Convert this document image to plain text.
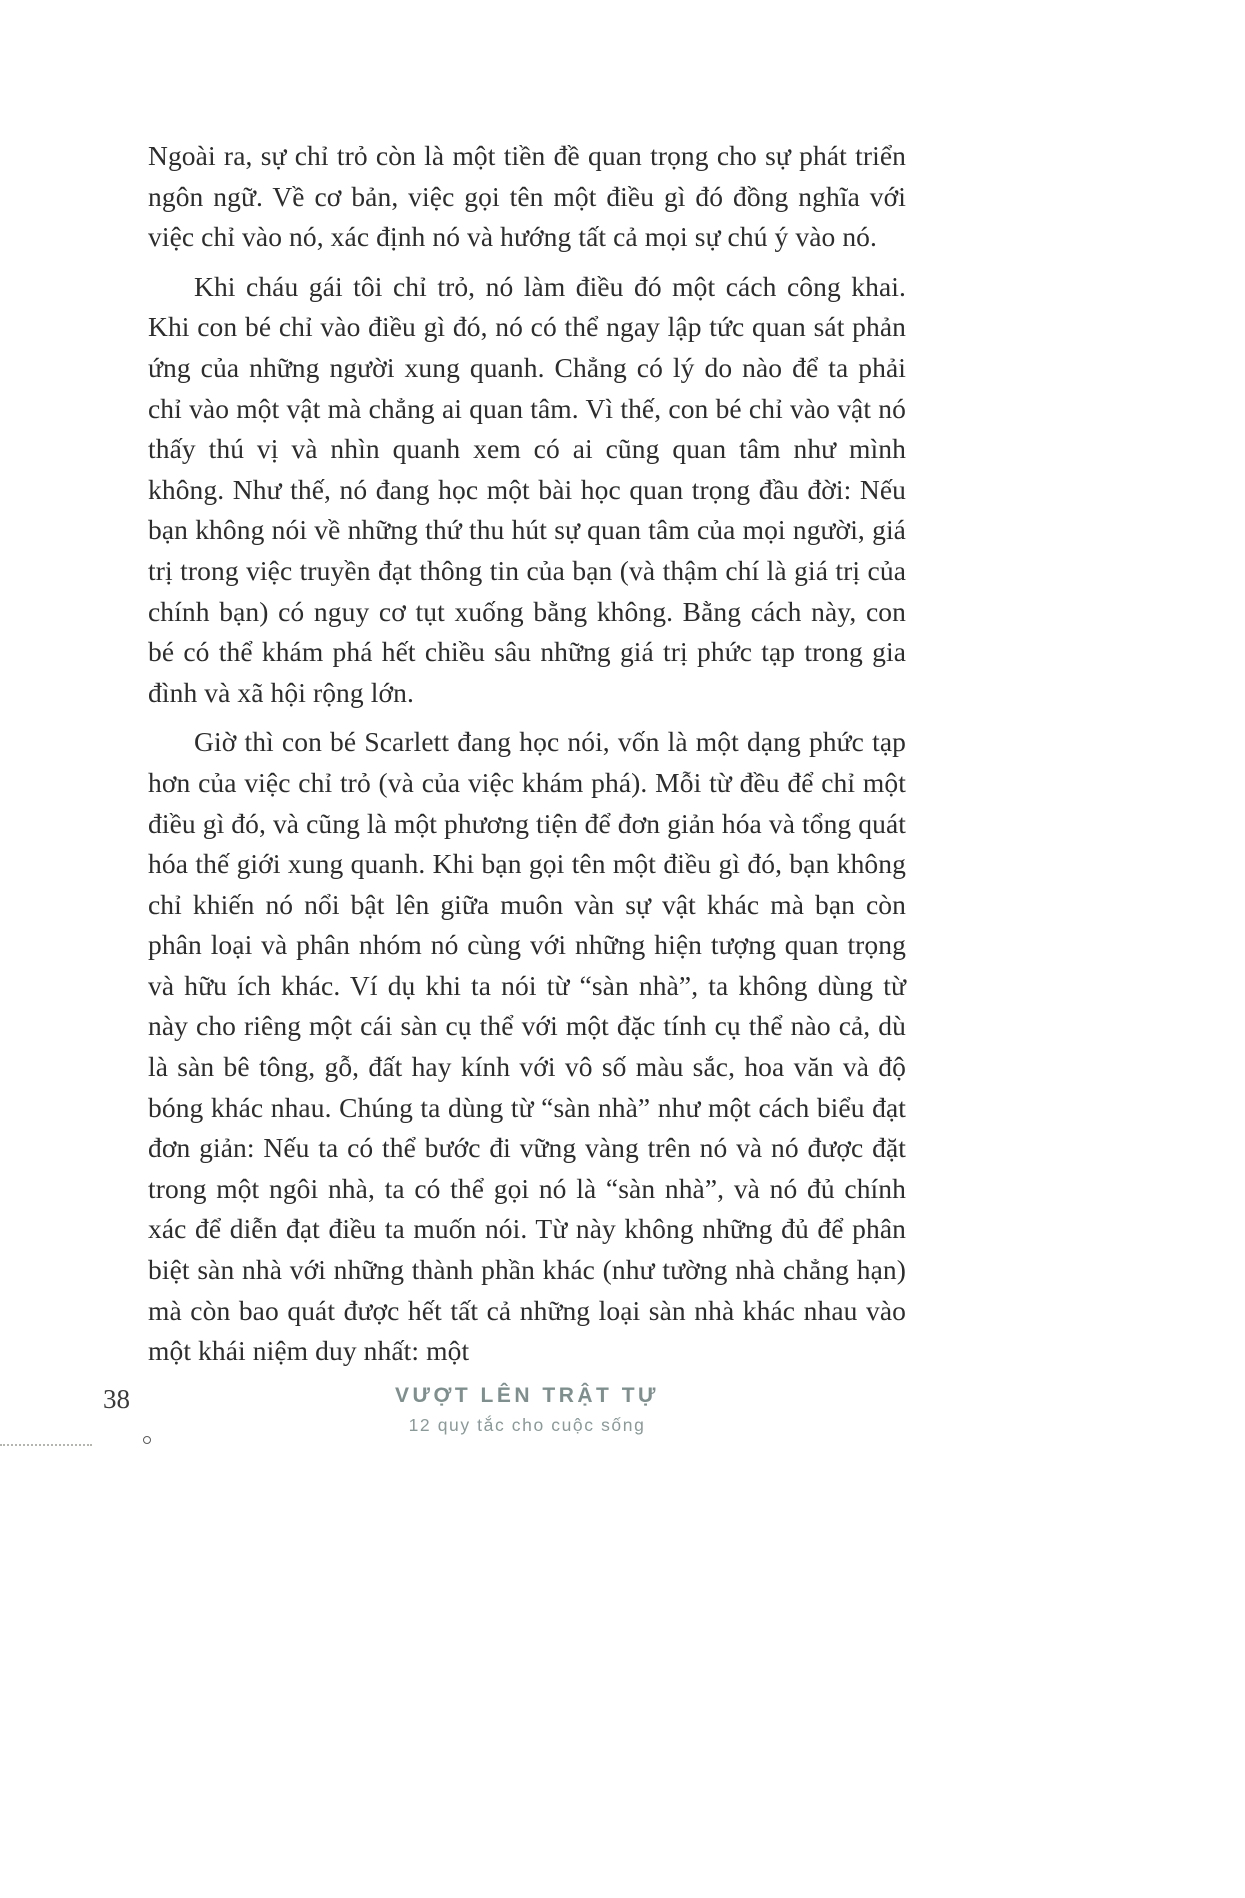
Ngoài ra, sự chỉ trỏ còn là một tiền đề quan trọng cho sự phát triển ngôn ngữ. Về cơ bản, việc gọi tên một điều gì đó đồng nghĩa với việc chỉ vào nó, xác định nó và hướng tất cả mọi sự chú ý vào nó.

Khi cháu gái tôi chỉ trỏ, nó làm điều đó một cách công khai. Khi con bé chỉ vào điều gì đó, nó có thể ngay lập tức quan sát phản ứng của những người xung quanh. Chẳng có lý do nào để ta phải chỉ vào một vật mà chẳng ai quan tâm. Vì thế, con bé chỉ vào vật nó thấy thú vị và nhìn quanh xem có ai cũng quan tâm như mình không. Như thế, nó đang học một bài học quan trọng đầu đời: Nếu bạn không nói về những thứ thu hút sự quan tâm của mọi người, giá trị trong việc truyền đạt thông tin của bạn (và thậm chí là giá trị của chính bạn) có nguy cơ tụt xuống bằng không. Bằng cách này, con bé có thể khám phá hết chiều sâu những giá trị phức tạp trong gia đình và xã hội rộng lớn.

Giờ thì con bé Scarlett đang học nói, vốn là một dạng phức tạp hơn của việc chỉ trỏ (và của việc khám phá). Mỗi từ đều để chỉ một điều gì đó, và cũng là một phương tiện để đơn giản hóa và tổng quát hóa thế giới xung quanh. Khi bạn gọi tên một điều gì đó, bạn không chỉ khiến nó nổi bật lên giữa muôn vàn sự vật khác mà bạn còn phân loại và phân nhóm nó cùng với những hiện tượng quan trọng và hữu ích khác. Ví dụ khi ta nói từ “sàn nhà”, ta không dùng từ này cho riêng một cái sàn cụ thể với một đặc tính cụ thể nào cả, dù là sàn bê tông, gỗ, đất hay kính với vô số màu sắc, hoa văn và độ bóng khác nhau. Chúng ta dùng từ “sàn nhà” như một cách biểu đạt đơn giản: Nếu ta có thể bước đi vững vàng trên nó và nó được đặt trong một ngôi nhà, ta có thể gọi nó là “sàn nhà”, và nó đủ chính xác để diễn đạt điều ta muốn nói. Từ này không những đủ để phân biệt sàn nhà với những thành phần khác (như tường nhà chẳng hạn) mà còn bao quát được hết tất cả những loại sàn nhà khác nhau vào một khái niệm duy nhất: một

38	VƯỢT LÊN TRẬT TỰ
12 quy tắc cho cuộc sống
